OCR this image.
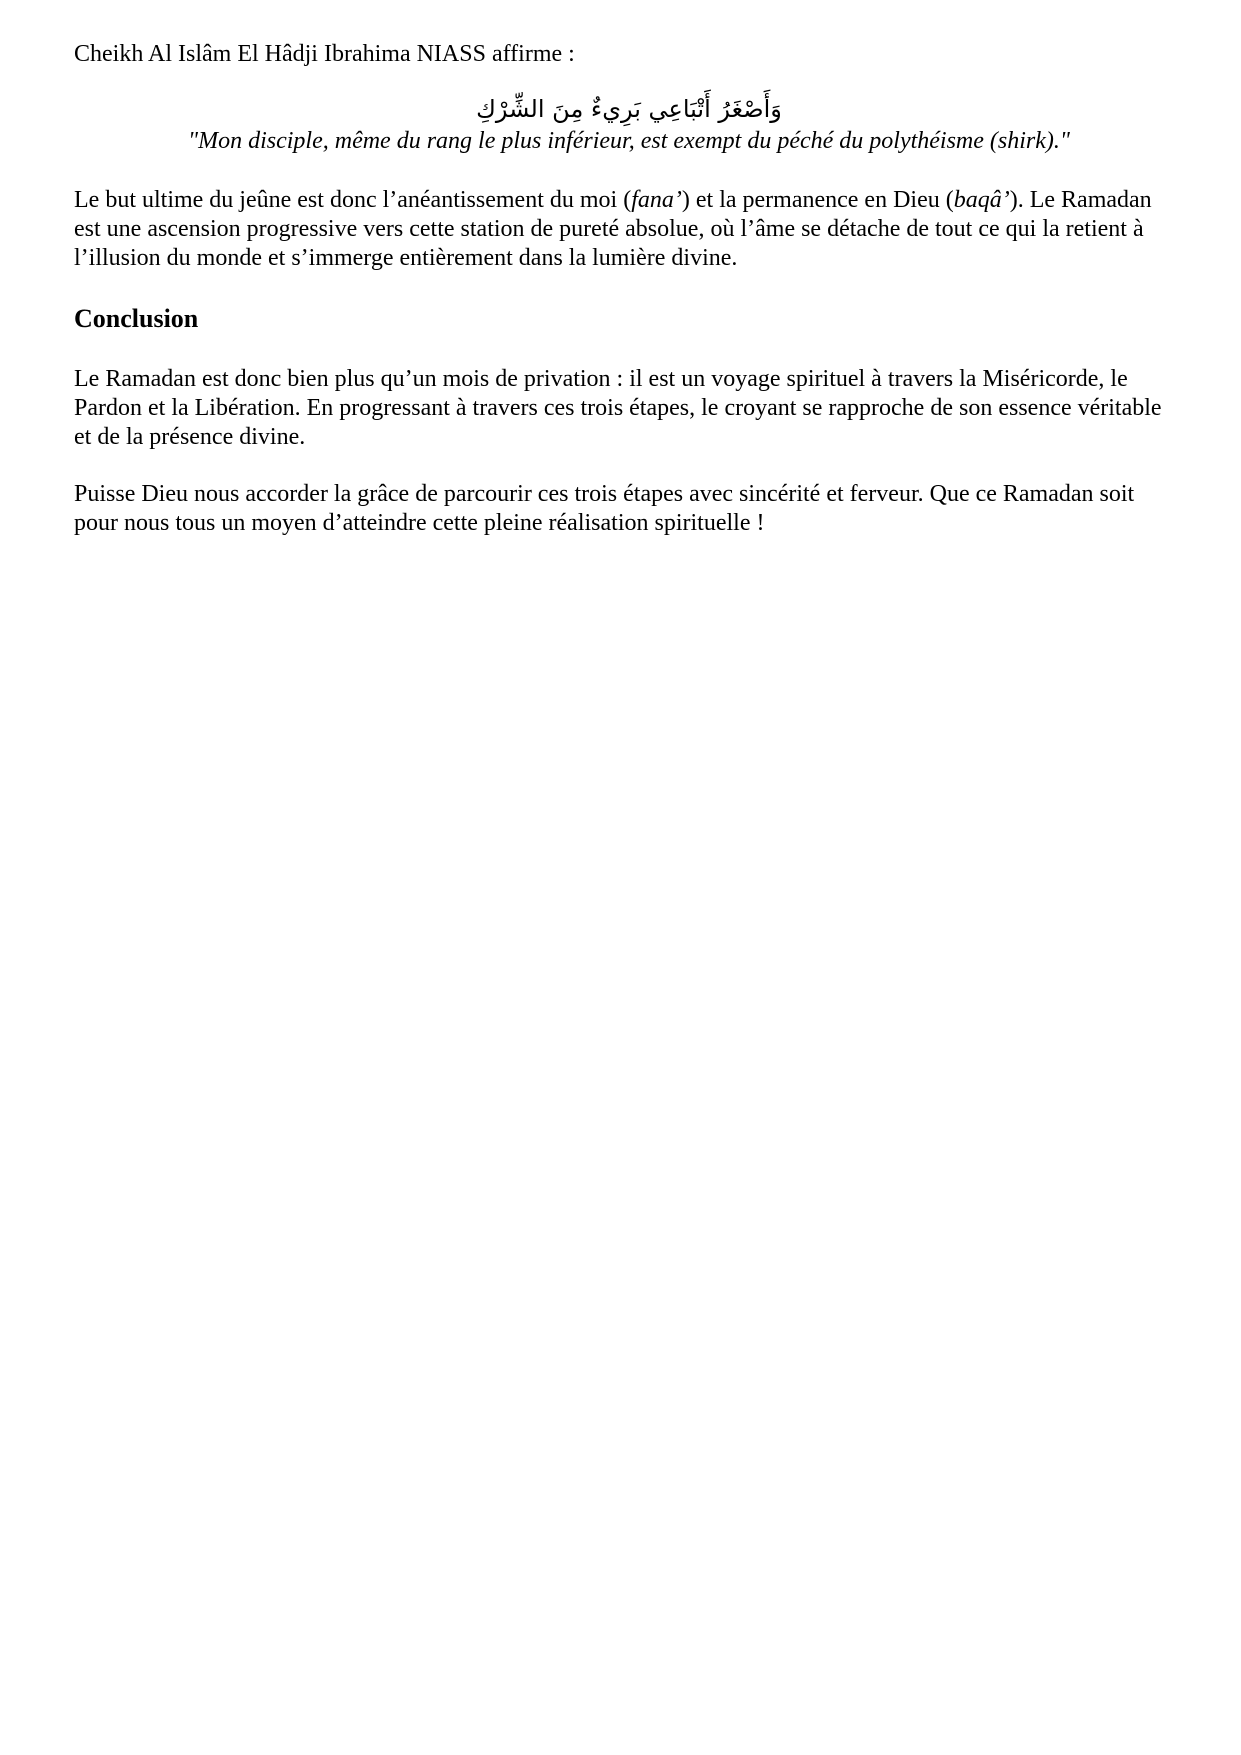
Cheikh Al Islâm El Hâdji Ibrahima NIASS affirme :

وَأَصْغَرُ أَتْبَاعِي بَرِيءٌ مِنَ الشِّرْكِ

"Mon disciple, même du rang le plus inférieur, est exempt du péché du polythéisme (shirk)."

Le but ultime du jeûne est donc l’anéantissement du moi (fana’) et la permanence en Dieu (baqâ’). Le Ramadan est une ascension progressive vers cette station de pureté absolue, où l’âme se détache de tout ce qui la retient à l’illusion du monde et s’immerge entièrement dans la lumière divine.

Conclusion

Le Ramadan est donc bien plus qu’un mois de privation : il est un voyage spirituel à travers la Miséricorde, le Pardon et la Libération. En progressant à travers ces trois étapes, le croyant se rapproche de son essence véritable et de la présence divine.

Puisse Dieu nous accorder la grâce de parcourir ces trois étapes avec sincérité et ferveur. Que ce Ramadan soit pour nous tous un moyen d’atteindre cette pleine réalisation spirituelle !
